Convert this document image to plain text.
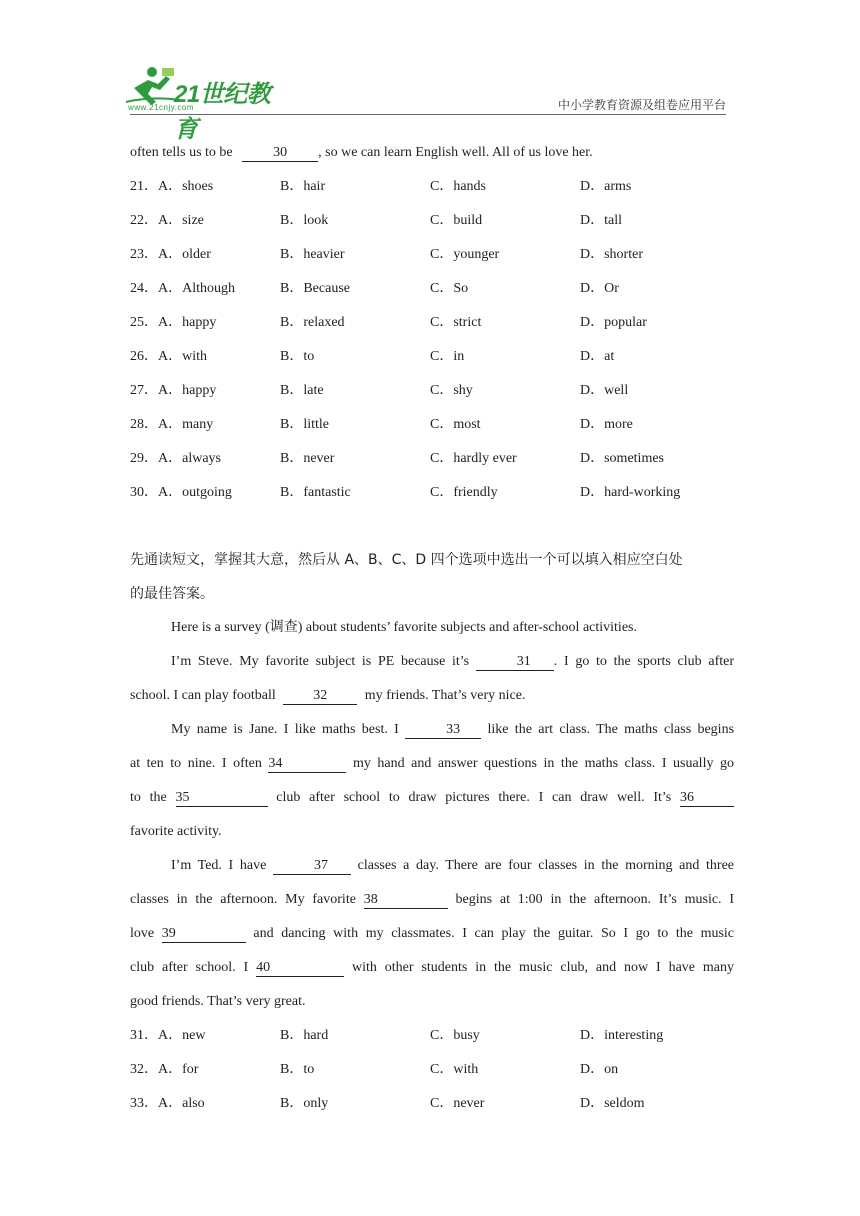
21世纪教育
www.21cnjy.com	中小学教育资源及组卷应用平台
often tells us to be	30 , so we can learn English well. All of us love her.
21．A．shoes	B．hair	C．hands	D．arms
22．A．size	B．look	C．build	D．tall
23．A．older	B．heavier	C．younger	D．shorter
24．A．Although	B．Because	C．So	D．Or
25．A．happy	B．relaxed	C．strict	D．popular
26．A．with	B．to	C．in	D．at
27．A．happy	B．late	C．shy	D．well
28．A．many	B．little	C．most	D．more
29．A．always	B．never	C．hardly ever	D．sometimes
30．A．outgoing	B．fantastic	C．friendly	D．hard-working
先通读短文，掌握其大意，然后从 A、B、C、D 四个选项中选出一个可以填入相应空白处
的最佳答案。
Here is a survey (调查) about students’ favorite subjects and after-school activities.
I’m Steve. My favorite subject is PE because it’s	31 . I go to the sports club after
school. I can play football	32	my friends. That’s very nice.
My name is Jane. I like maths best. I	33 like the art class. The maths class begins
at ten to nine. I often 34	my hand and answer questions in the maths class. I usually go
to the 35	club after school to draw pictures there. I can draw well. It’s 36
favorite activity.
I’m Ted. I have	37 classes a day. There are four classes in the morning and three
classes in the afternoon. My favorite 38	begins at 1:00 in the afternoon. It’s music. I
love 39	and dancing with my classmates. I can play the guitar. So I go to the music
club after school. I 40	with other students in the music club, and now I have many
good friends. That’s very great.
31．A．new	B．hard	C．busy	D．interesting
32．A．for	B．to	C．with	D．on
33．A．also	B．only	C．never	D．seldom
